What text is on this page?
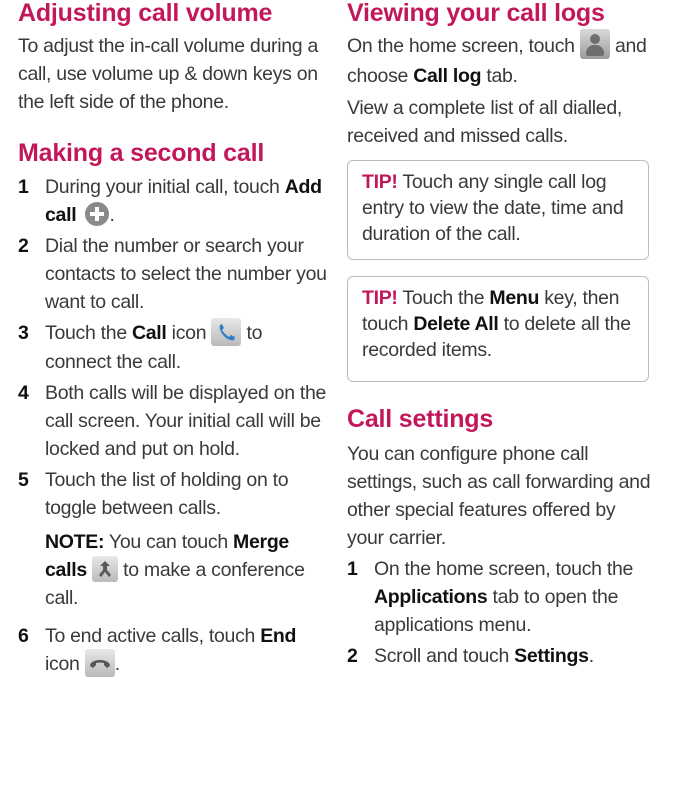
Adjusting call volume

To adjust the in-call volume during a call, use volume up & down keys on the left side of the phone.

Making a second call
1 During your initial call, touch Add call .
2 Dial the number or search your contacts to select the number you want to call.
3 Touch the Call icon
to connect the call.
4 Both calls will be displayed on the call screen. Your initial call will be locked and put on hold.
5 Touch the list of holding on to toggle between calls.

NOTE: You can touch Merge calls
to make a conference call.

6 To end active calls, touch End icon .
Viewing your call logs

On the home screen, touch  and choose Call log tab.

View a complete list of all dialled, received and missed calls.

TIP! Touch any single call log entry to view the date, time and duration of the call.

TIP! Touch the Menu key, then touch Delete All to delete all the recorded items.

Call settings

You can configure phone call settings, such as call forwarding and other special features offered by your carrier.

1 On the home screen, touch the Applications tab to open the applications menu.
2 Scroll and touch Settings.
